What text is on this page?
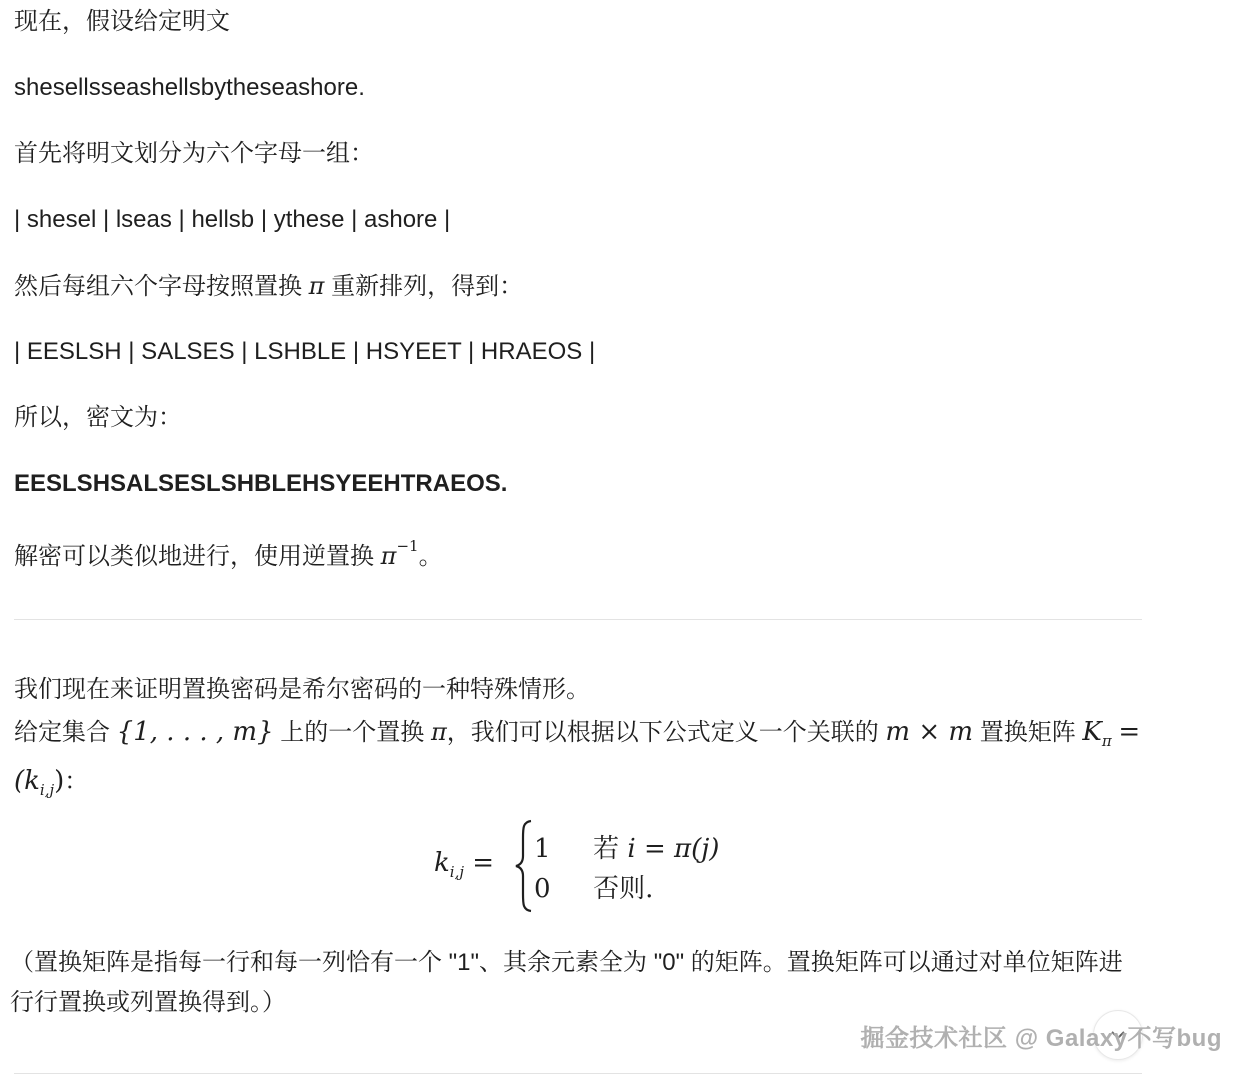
现在，假设给定明文
shesellsseashellsbytheseashore.
首先将明文划分为六个字母一组：
| shesel | lseas | hellsb | ythese | ashore |
然后每组六个字母按照置换 π 重新排列，得到：
| EESLSH | SALSES | LSHBLE | HSYEET | HRAEOS |
所以，密文为：
EESLSHSALSESLSHBLEHSYEEHTRAEOS.
解密可以类似地进行，使用逆置换 $\pi^{-1}$。
我们现在来证明置换密码是希尔密码的一种特殊情形。
给定集合 {1, . . . , m} 上的一个置换 π，我们可以根据以下公式定义一个关联的 m × m 置换矩阵 $K_\pi$ =
$(k_{i,j})$：
$k_{i,j} = 1$ 若 i = π(j)
0 否则.
（置换矩阵是指每一行和每一列恰有一个 "1"、其余元素全为 "0" 的矩阵。置换矩阵可以通过对单位矩阵进行行置换或列置换得到。）
掘金技术社区 @ Galaxy不写bug
